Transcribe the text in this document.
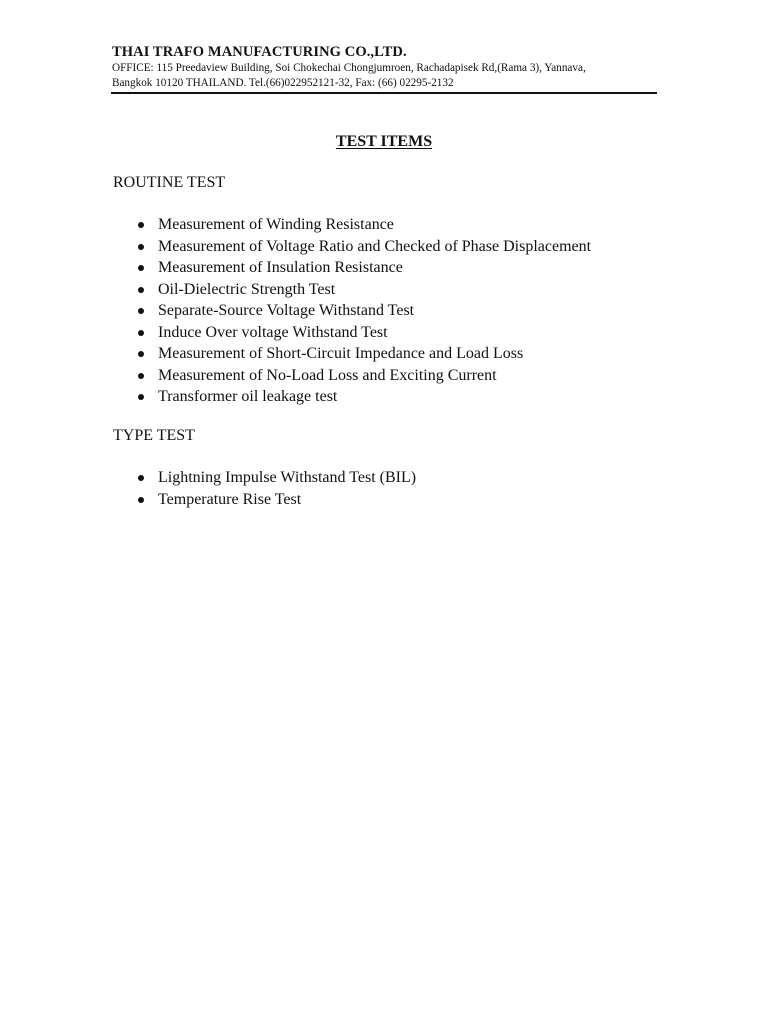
THAI TRAFO MANUFACTURING CO.,LTD.
OFFICE: 115 Preedaview Building, Soi Chokechai Chongjumroen, Rachadapisek Rd,(Rama 3), Yannava,
Bangkok 10120 THAILAND. Tel.(66)022952121-32, Fax: (66) 02295-2132
TEST ITEMS
ROUTINE TEST
Measurement of Winding Resistance
Measurement of Voltage Ratio and Checked of Phase Displacement
Measurement of Insulation Resistance
Oil-Dielectric Strength Test
Separate-Source Voltage Withstand Test
Induce Over voltage Withstand Test
Measurement of Short-Circuit Impedance and Load Loss
Measurement of No-Load Loss and Exciting Current
Transformer oil leakage test
TYPE TEST
Lightning Impulse Withstand Test (BIL)
Temperature Rise Test
